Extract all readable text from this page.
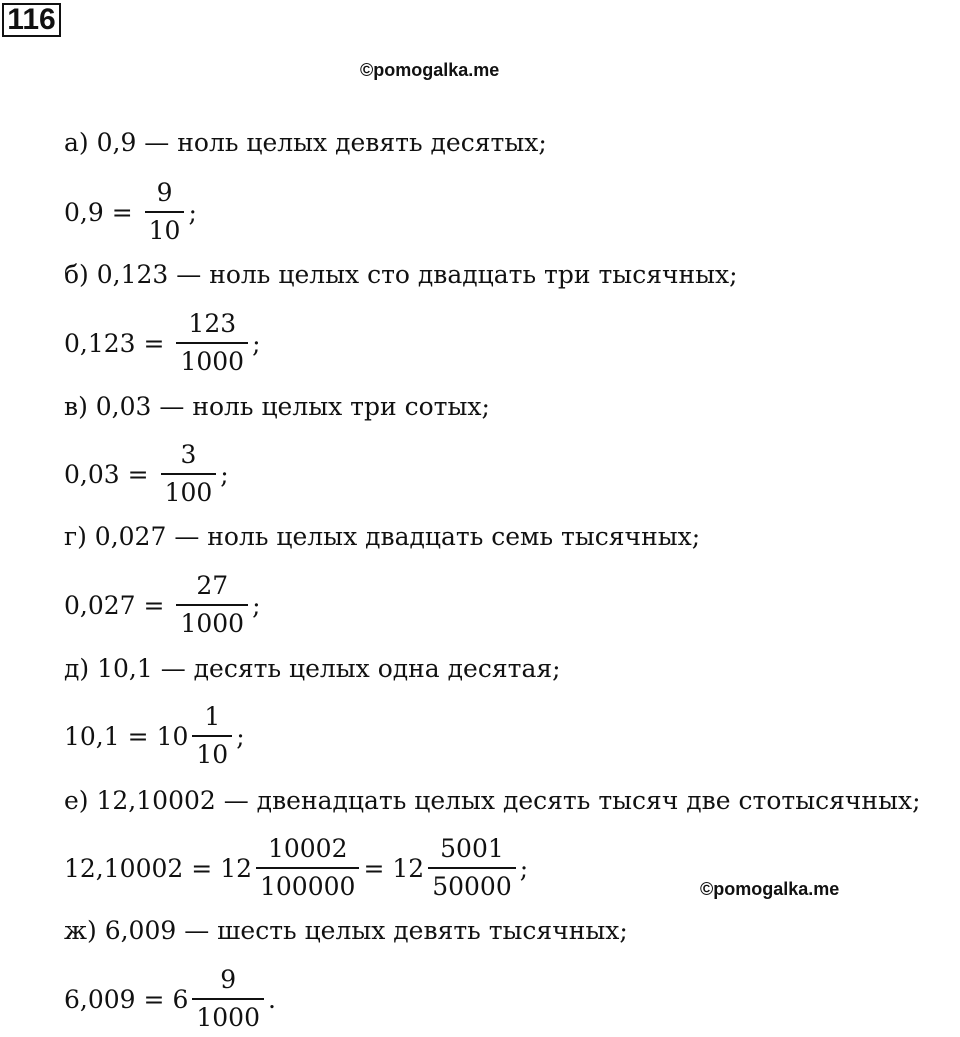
116
©pomogalka.me
©pomogalka.me
а) 0,9 — ноль целых девять десятых;
$0,9 = \frac{9}{10}$ ;
б) 0,123 — ноль целых сто двадцать три тысячных;
$0,123 = \frac{123}{1000}$ ;
в) 0,03 — ноль целых три сотых;
$0,03 = \frac{3}{100}$ ;
г) 0,027 — ноль целых двадцать семь тысячных;
$0,027 = \frac{27}{1000}$ ;
д) 10,1 — десять целых одна десятая;
$10,1 = 10 \frac{1}{10}$ ;
е) 12,10002 — двенадцать целых десять тысяч две стотысячных;
$12,10002 = 12 \frac{10002}{100000} = 12 \frac{5001}{50000}$ ;
ж) 6,009 — шесть целых девять тысячных;
$6,009 = 6 \frac{9}{1000}$ .
